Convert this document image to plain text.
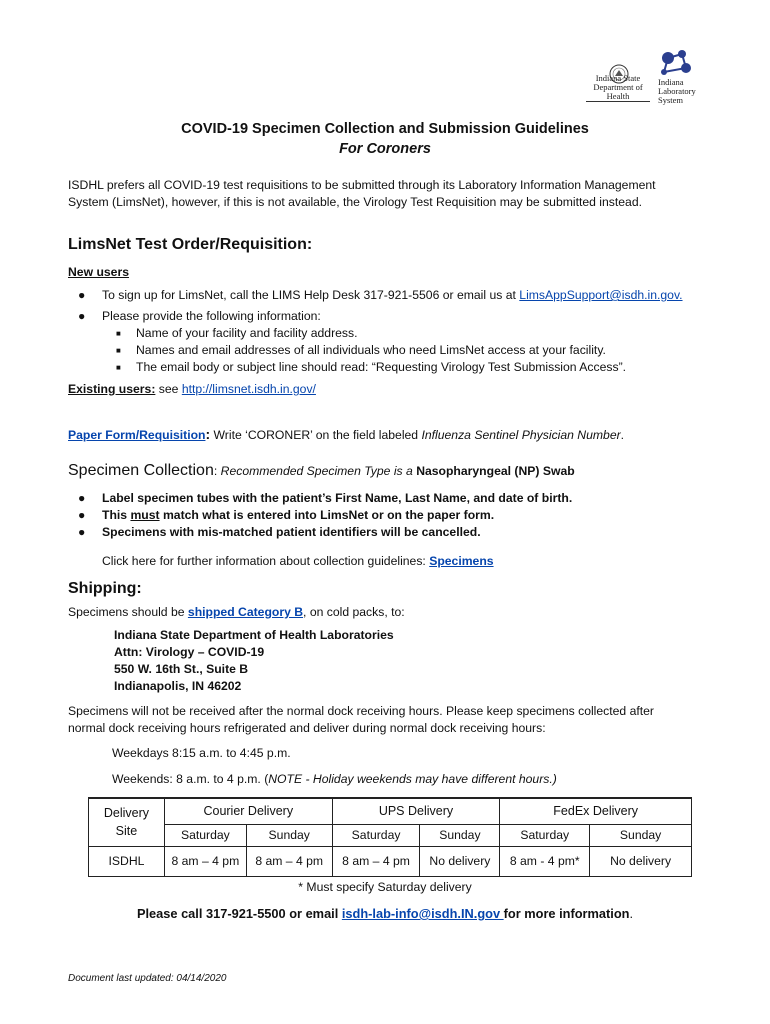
Indiana State
Department of Health
Indiana
Laboratory
System
COVID-19 Specimen Collection and Submission Guidelines
For Coroners
ISDHL prefers all COVID-19 test requisitions to be submitted through its Laboratory Information Management
System (LimsNet), however, if this is not available, the Virology Test Requisition may be submitted instead.
LimsNet Test Order/Requisition:
New users
● To sign up for LimsNet, call the LIMS Help Desk 317-921-5506 or email us at LimsAppSupport@isdh.in.gov.
● Please provide the following information:
■ Name of your facility and facility address.
■ Names and email addresses of all individuals who need LimsNet access at your facility.
■ The email body or subject line should read: “Requesting Virology Test Submission Access”.
Existing users: see http://limsnet.isdh.in.gov/
Paper Form/Requisition: Write ‘CORONER’ on the field labeled Influenza Sentinel Physician Number.
Specimen Collection: Recommended Specimen Type is a Nasopharyngeal (NP) Swab
● Label specimen tubes with the patient’s First Name, Last Name, and date of birth.
● This must match what is entered into LimsNet or on the paper form.
● Specimens with mis-matched patient identifiers will be cancelled.
Click here for further information about collection guidelines: Specimens
Shipping:
Specimens should be shipped Category B, on cold packs, to:
Indiana State Department of Health Laboratories
Attn: Virology – COVID-19
550 W. 16th St., Suite B
Indianapolis, IN 46202
Specimens will not be received after the normal dock receiving hours. Please keep specimens collected after
normal dock receiving hours refrigerated and deliver during normal dock receiving hours:
Weekdays 8:15 a.m. to 4:45 p.m.
Weekends: 8 a.m. to 4 p.m. (NOTE - Holiday weekends may have different hours.)
Delivery Site	Courier Delivery		UPS Delivery		FedEx Delivery	
	Saturday	Sunday	Saturday	Sunday	Saturday	Sunday
ISDHL	8 am – 4 pm	8 am – 4 pm	8 am – 4 pm	No delivery	8 am - 4 pm*	No delivery
* Must specify Saturday delivery
Please call 317-921-5500 or email isdh-lab-info@isdh.IN.gov for more information.
Document last updated: 04/14/2020
